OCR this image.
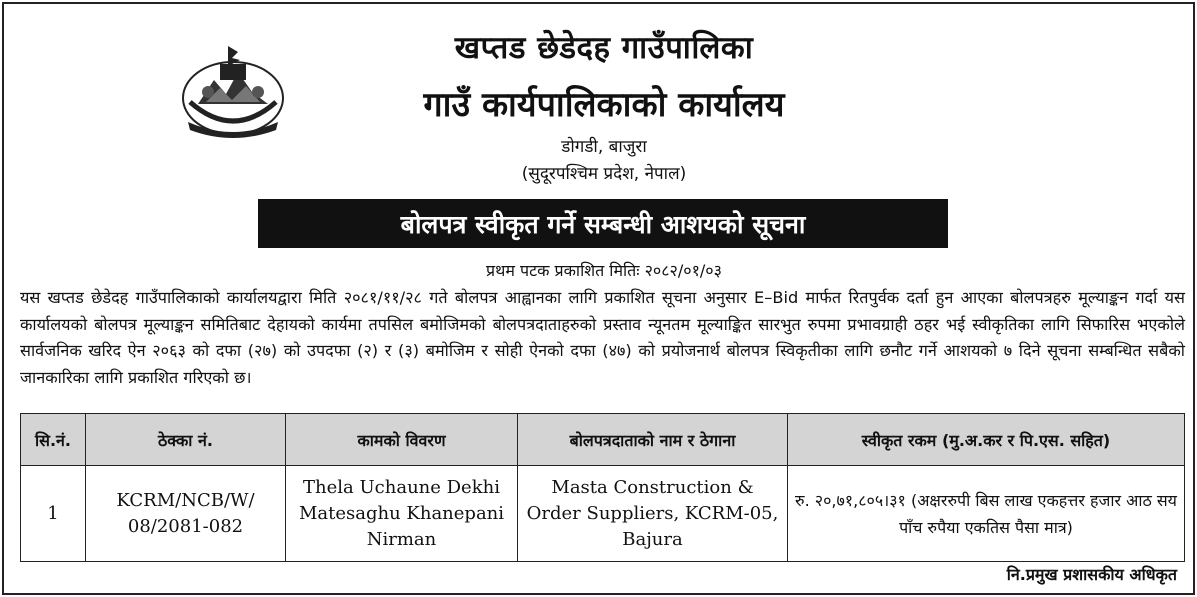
खप्तड छेडेदह गाउँपालिका
गाउँ कार्यपालिकाको कार्यालय
डोगडी, बाजुरा
(सुदूरपश्चिम प्रदेश, नेपाल)
बोलपत्र स्वीकृत गर्ने सम्बन्धी आशयको सूचना
प्रथम पटक प्रकाशित मितिः २०८२/०१/०३
यस खप्तड छेडेदह गाउँपालिकाको कार्यालयद्वारा मिति २०८१/११/२८ गते बोलपत्र आह्वानका लागि प्रकाशित सूचना अनुसार E–Bid मार्फत रितपुर्वक दर्ता हुन आएका बोलपत्रहरु मूल्याङ्कन गर्दा यस कार्यालयको बोलपत्र मूल्याङ्कन समितिबाट देहायको कार्यमा तपसिल बमोजिमको बोलपत्रदाताहरुको प्रस्ताव न्यूनतम मूल्याङ्कित सारभुत रुपमा प्रभावग्राही ठहर भई स्वीकृतिका लागि सिफारिस भएकोले सार्वजनिक खरिद ऐन २०६३ को दफा (२७) को उपदफा (२) र (३) बमोजिम र सोही ऐनको दफा (४७) को प्रयोजनार्थ बोलपत्र स्विकृतीका लागि छनौट गर्ने आशयको ७ दिने सूचना सम्बन्धित सबैको जानकारिका लागि प्रकाशित गरिएको छ।
सि.नं.	ठेक्का नं.	कामको विवरण	बोलपत्रदाताको नाम र ठेगाना	स्वीकृत रकम (मु.अ.कर र पि.एस. सहित)
1	KCRM/NCB/W/ 08/2081-082	Thela Uchaune Dekhi Matesaghu Khanepani Nirman	Masta Construction & Order Suppliers, KCRM-05, Bajura	रु. २०,७१,८०५।३१ (अक्षररुपी बिस लाख एकहत्तर हजार आठ सय पाँच रुपैया एकतिस पैसा मात्र)
नि.प्रमुख प्रशासकीय अधिकृत
